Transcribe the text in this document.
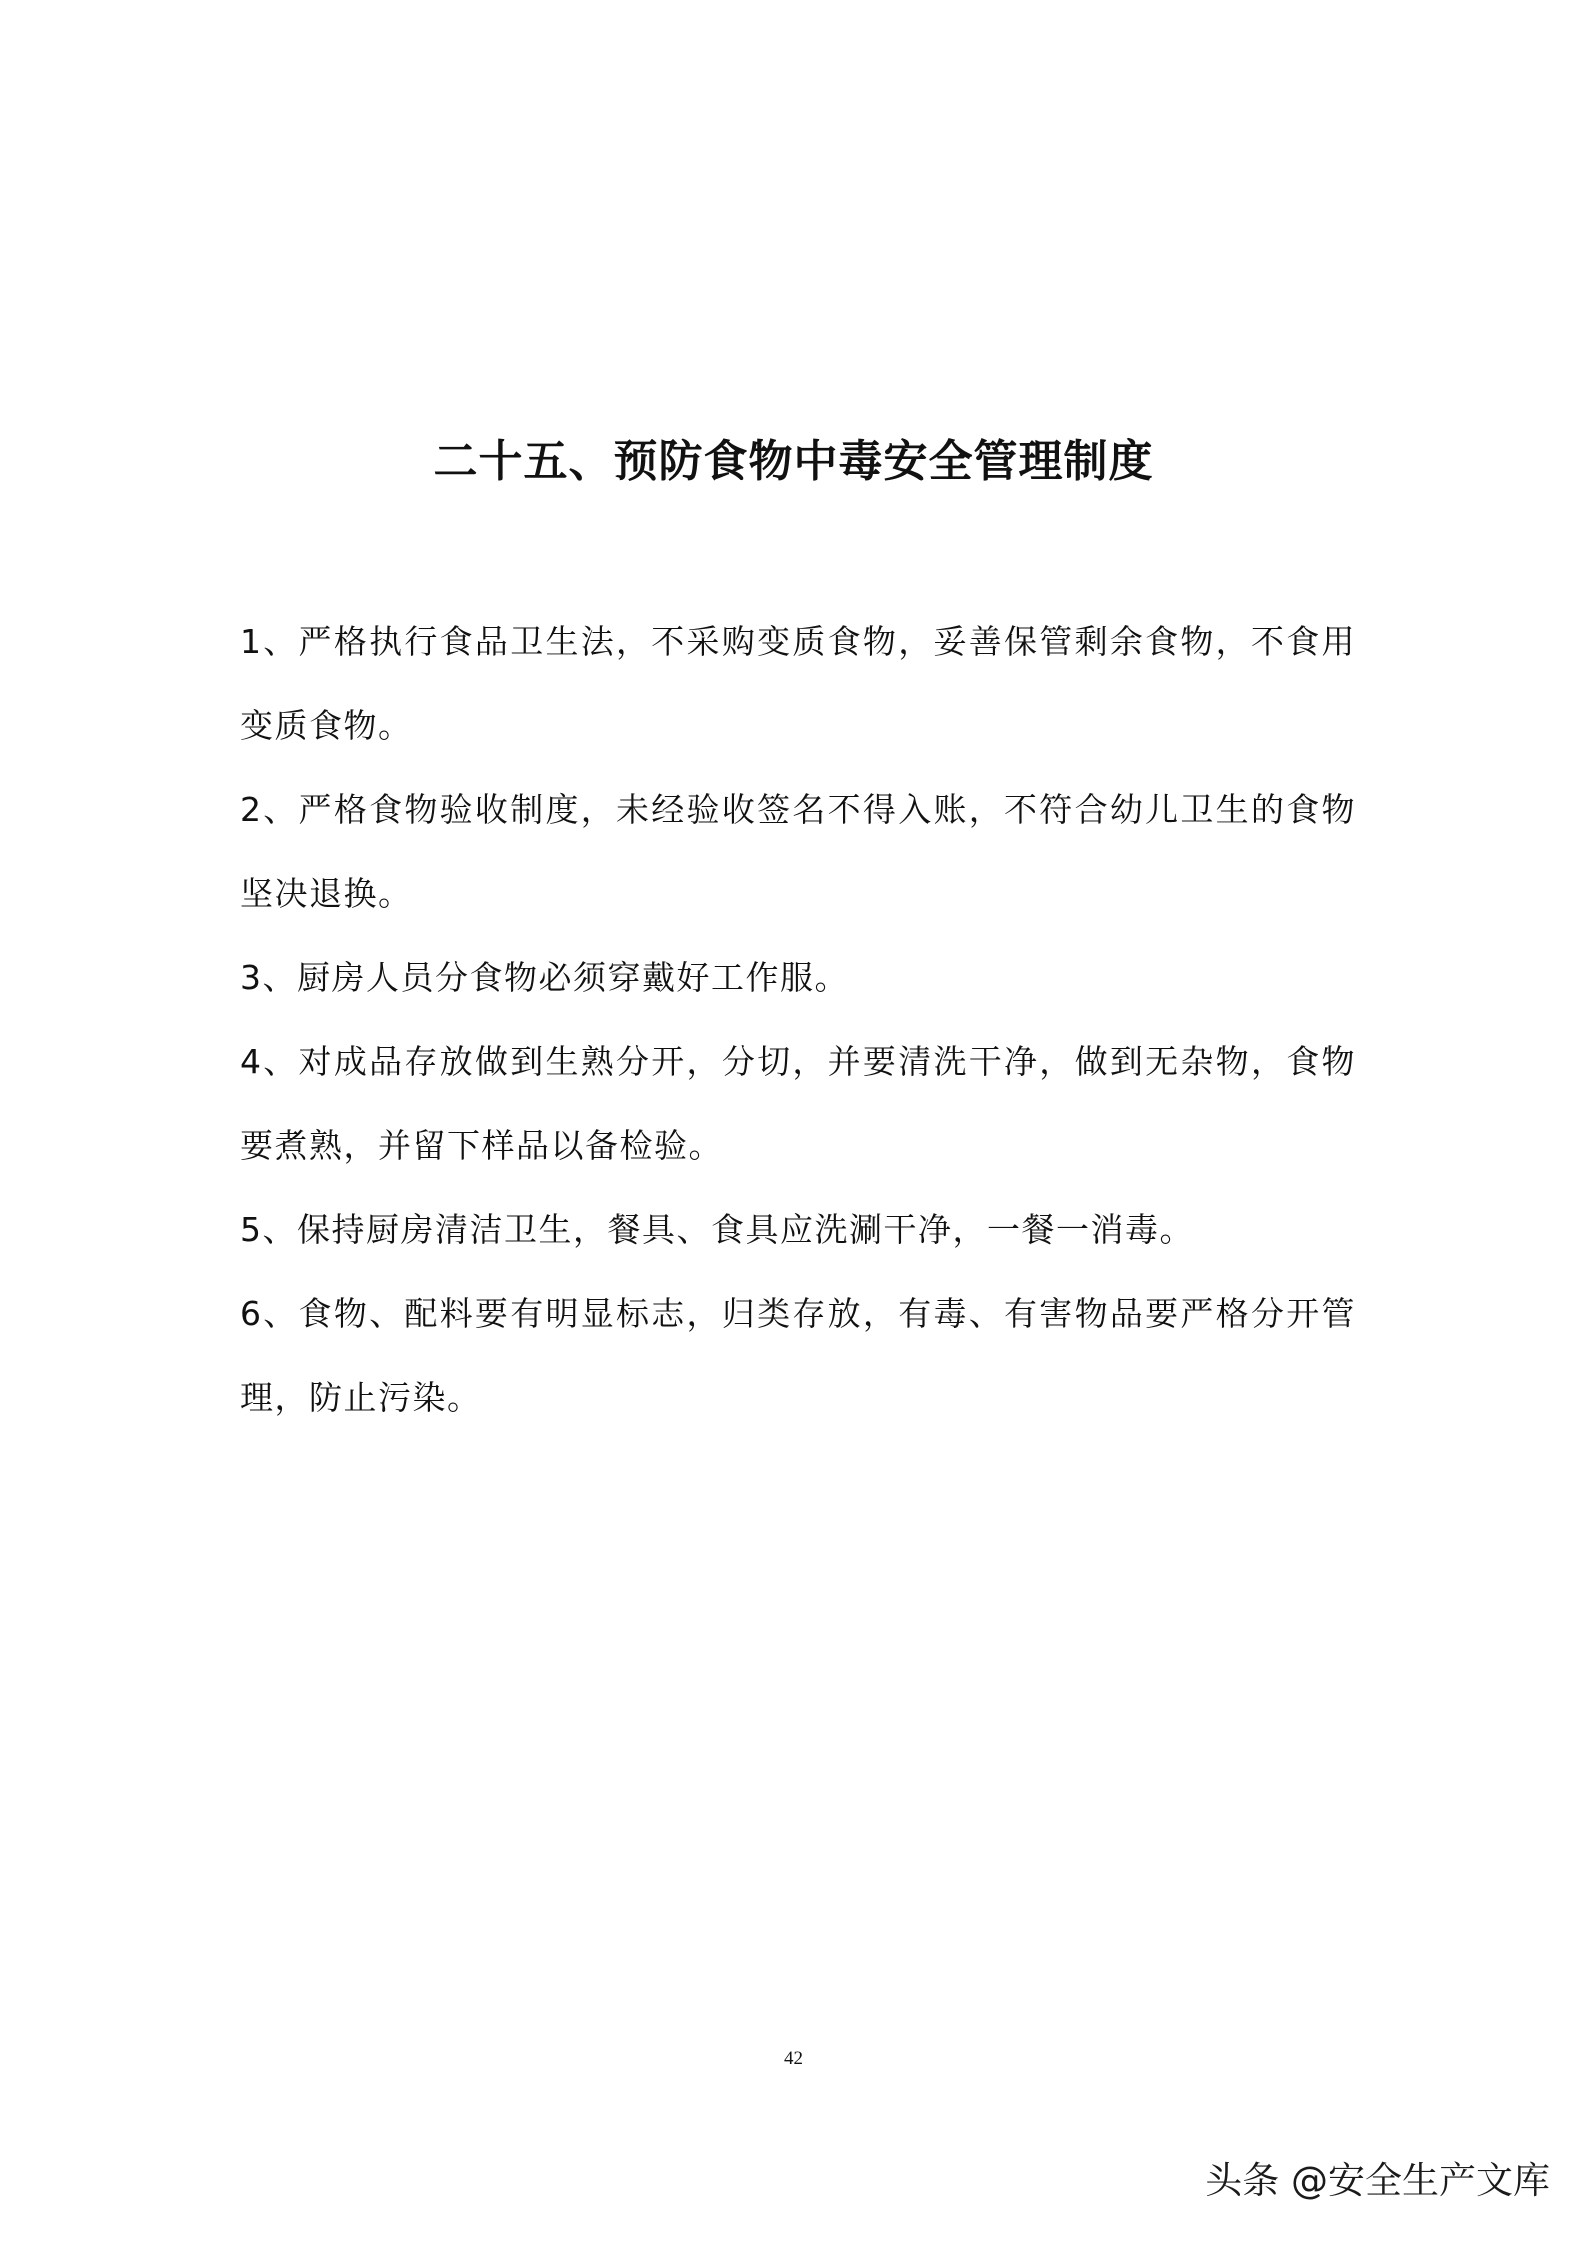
二十五、预防食物中毒安全管理制度
1、严格执行食品卫生法，不采购变质食物，妥善保管剩余食物，不食用变质食物。
2、严格食物验收制度，未经验收签名不得入账，不符合幼儿卫生的食物坚决退换。
3、厨房人员分食物必须穿戴好工作服。
4、对成品存放做到生熟分开，分切，并要清洗干净，做到无杂物，食物要煮熟，并留下样品以备检验。
5、保持厨房清洁卫生，餐具、食具应洗涮干净，一餐一消毒。
6、食物、配料要有明显标志，归类存放，有毒、有害物品要严格分开管理，防止污染。
42
头条 @安全生产文库
